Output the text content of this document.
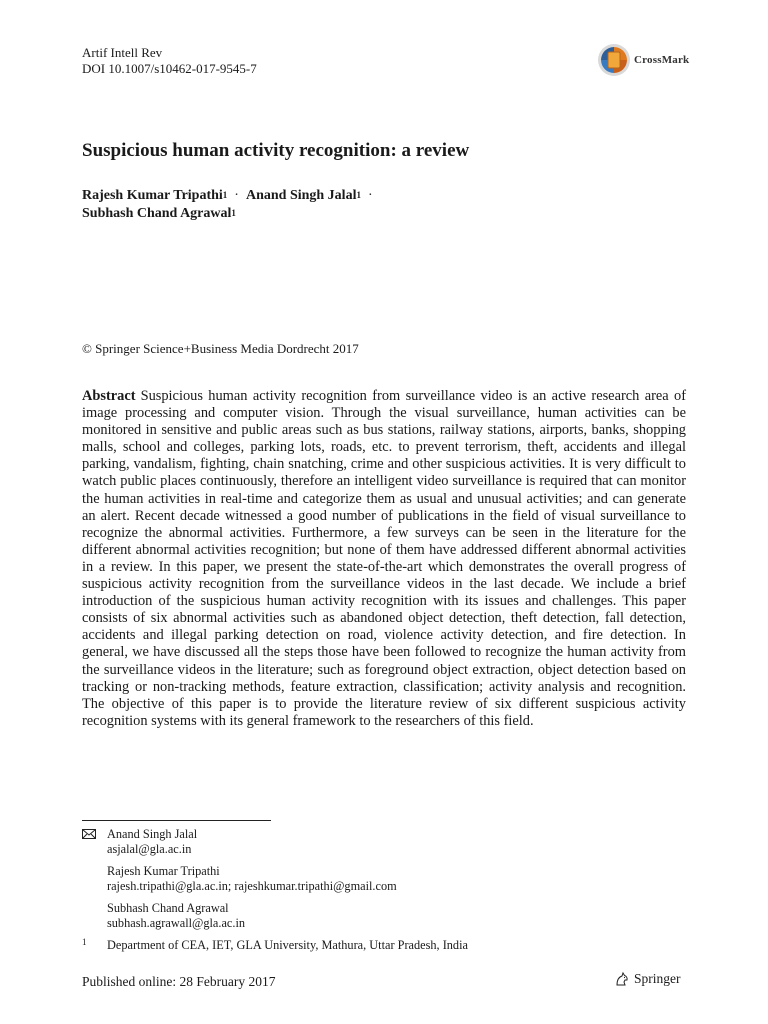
Artif Intell Rev
DOI 10.1007/s10462-017-9545-7
CrossMark
Suspicious human activity recognition: a review
Rajesh Kumar Tripathi$^1$ · Anand Singh Jalal$^1$ ·
Subhash Chand Agrawal$^1$
© Springer Science+Business Media Dordrecht 2017

Abstract Suspicious human activity recognition from surveillance video is an active research area of image processing and computer vision. Through the visual surveillance, human activities can be monitored in sensitive and public areas such as bus stations, railway stations, airports, banks, shopping malls, school and colleges, parking lots, roads, etc. to prevent terrorism, theft, accidents and illegal parking, vandalism, fighting, chain snatching, crime and other suspicious activities. It is very difficult to watch public places continuously, therefore an intelligent video surveillance is required that can monitor the human activities in real-time and categorize them as usual and unusual activities; and can generate an alert. Recent decade witnessed a good number of publications in the field of visual surveillance to recognize the abnormal activities. Furthermore, a few surveys can be seen in the literature for the different abnormal activities recognition; but none of them have addressed different abnormal activities in a review. In this paper, we present the state-of-the-art which demonstrates the overall progress of suspicious activity recognition from the surveillance videos in the last decade. We include a brief introduction of the suspicious human activity recognition with its issues and challenges. This paper consists of six abnormal activities such as abandoned object detection, theft detection, fall detection, accidents and illegal parking detection on road, violence activity detection, and fire detection. In general, we have discussed all the steps those have been followed to recognize the human activity from the surveillance videos in the literature; such as foreground object extraction, object detection based on tracking or non-tracking methods, feature extraction, classification; activity analysis and recognition. The objective of this paper is to provide the literature review of six different suspicious activity recognition systems with its general framework to the researchers of this field.

Anand Singh Jalal
asjalal@gla.ac.in
Rajesh Kumar Tripathi
rajesh.tripathi@gla.ac.in; rajeshkumar.tripathi@gmail.com
Subhash Chand Agrawal
subhash.agrawall@gla.ac.in
1 Department of CEA, IET, GLA University, Mathura, Uttar Pradesh, India
Published online: 28 February 2017	Springer
